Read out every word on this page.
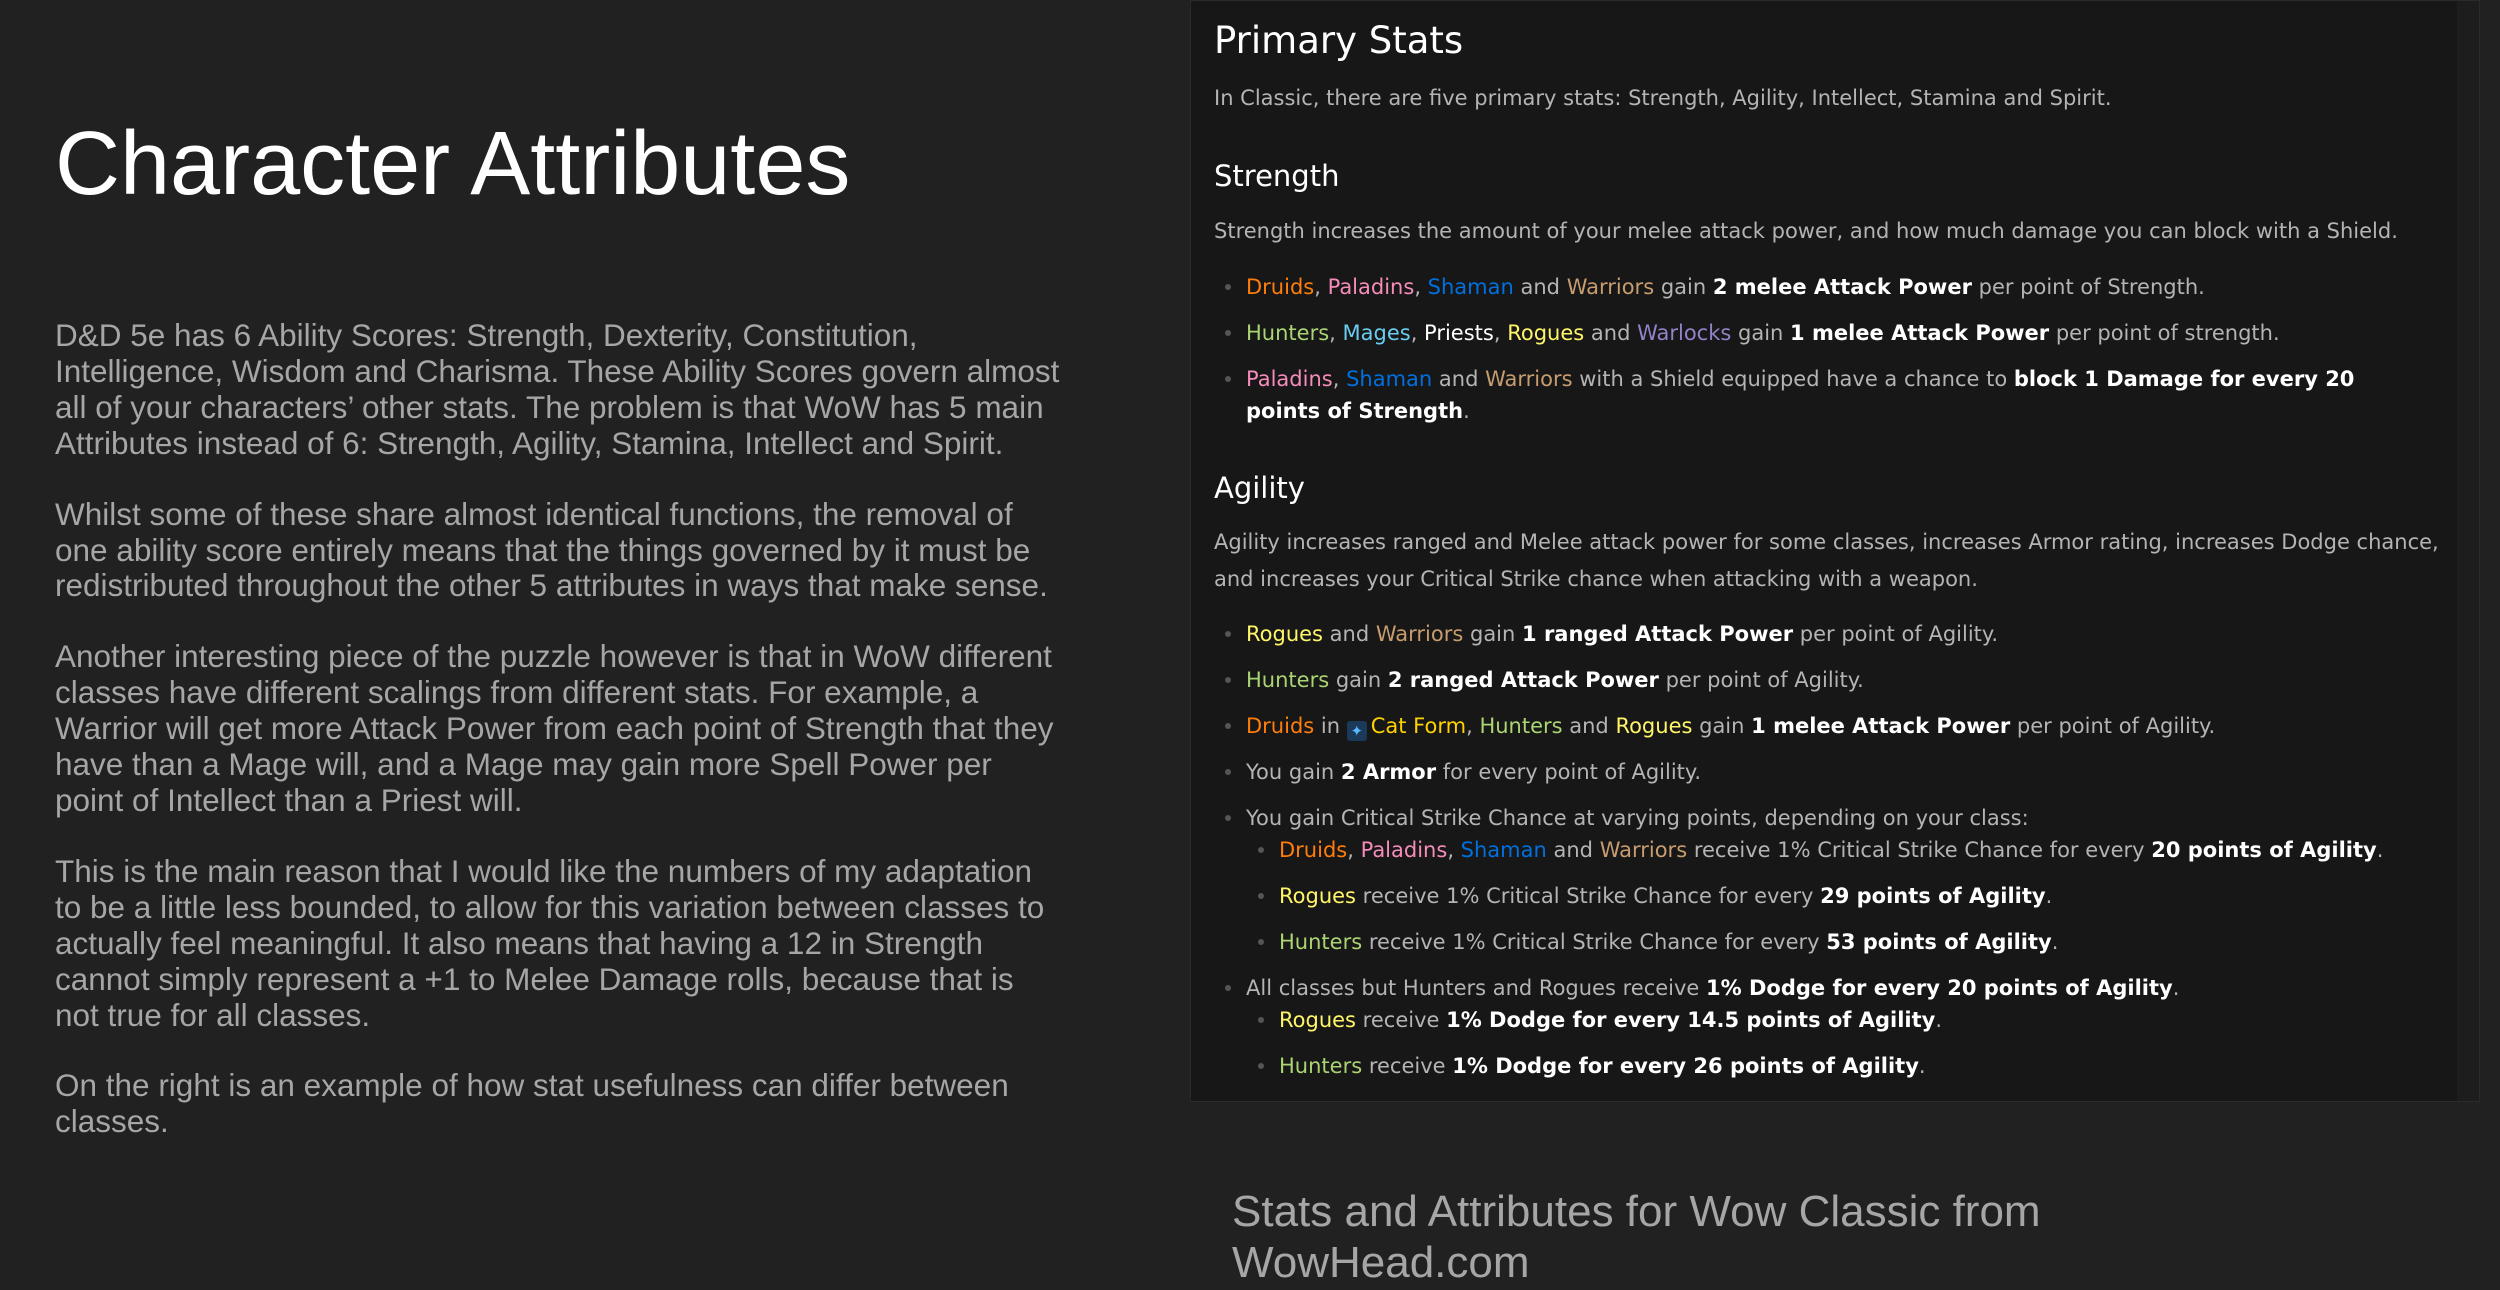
Character Attributes

D&D 5e has 6 Ability Scores: Strength, Dexterity, Constitution, Intelligence, Wisdom and Charisma. These Ability Scores govern almost all of your characters’ other stats. The problem is that WoW has 5 main Attributes instead of 6: Strength, Agility, Stamina, Intellect and Spirit.

Whilst some of these share almost identical functions, the removal of one ability score entirely means that the things governed by it must be redistributed throughout the other 5 attributes in ways that make sense.

Another interesting piece of the puzzle however is that in WoW different classes have different scalings from different stats. For example, a Warrior will get more Attack Power from each point of Strength that they have than a Mage will, and a Mage may gain more Spell Power per point of Intellect than a Priest will.

This is the main reason that I would like the numbers of my adaptation to be a little less bounded, to allow for this variation between classes to actually feel meaningful. It also means that having a 12 in Strength cannot simply represent a +1 to Melee Damage rolls, because that is not true for all classes.

On the right is an example of how stat usefulness can differ between classes.

Primary Stats

In Classic, there are five primary stats: Strength, Agility, Intellect, Stamina and Spirit.

Strength

Strength increases the amount of your melee attack power, and how much damage you can block with a Shield.

Druids, Paladins, Shaman and Warriors gain 2 melee Attack Power per point of Strength.
Hunters, Mages, Priests, Rogues and Warlocks gain 1 melee Attack Power per point of strength.
Paladins, Shaman and Warriors with a Shield equipped have a chance to block 1 Damage for every 20 points of Strength.
Agility

Agility increases ranged and Melee attack power for some classes, increases Armor rating, increases Dodge chance, and increases your Critical Strike chance when attacking with a weapon.

Rogues and Warriors gain 1 ranged Attack Power per point of Agility.
Hunters gain 2 ranged Attack Power per point of Agility.
Druids in ✦ Cat Form, Hunters and Rogues gain 1 melee Attack Power per point of Agility.
You gain 2 Armor for every point of Agility.
You gain Critical Strike Chance at varying points, depending on your class:
Druids, Paladins, Shaman and Warriors receive 1% Critical Strike Chance for every 20 points of Agility.
Rogues receive 1% Critical Strike Chance for every 29 points of Agility.
Hunters receive 1% Critical Strike Chance for every 53 points of Agility.
All classes but Hunters and Rogues receive 1% Dodge for every 20 points of Agility.
Rogues receive 1% Dodge for every 14.5 points of Agility.
Hunters receive 1% Dodge for every 26 points of Agility.

Stats and Attributes for Wow Classic from WowHead.com
